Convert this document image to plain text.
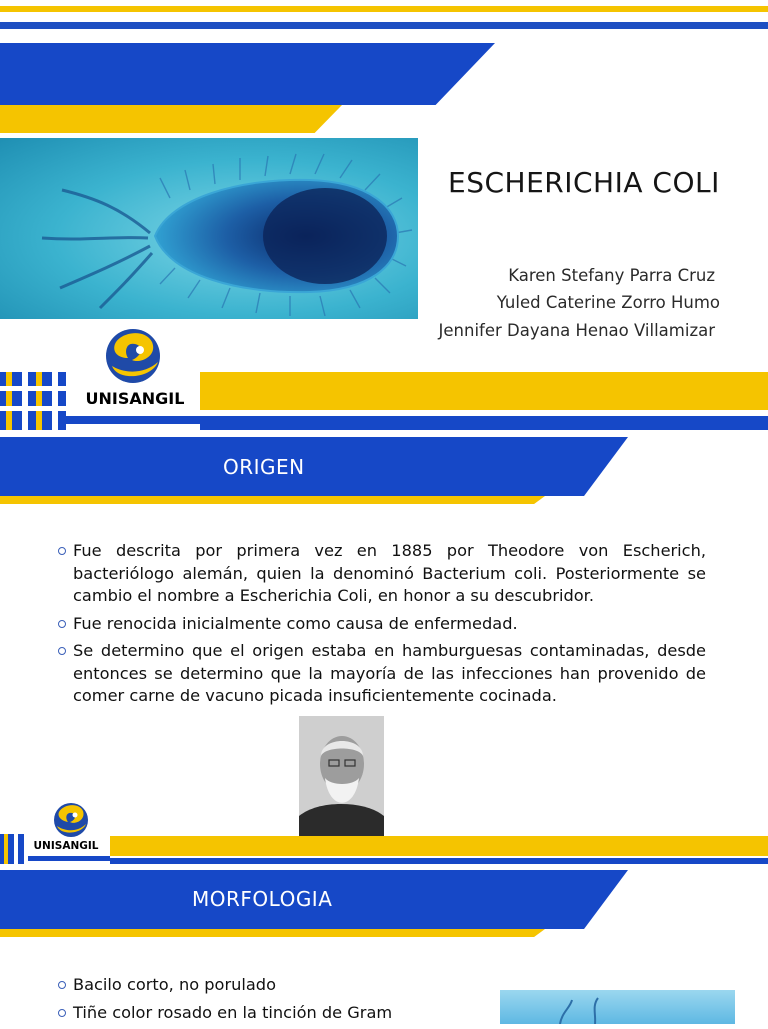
ESCHERICHIA COLI
Karen Stefany Parra Cruz
Yuled Caterine Zorro Humo
Jennifer Dayana Henao Villamizar
UNISANGIL
ORIGEN
Fue descrita por primera vez en 1885 por Theodore von Escherich, bacteriólogo alemán, quien la denominó Bacterium coli. Posteriormente se cambio el nombre a Escherichia Coli, en honor a su descubridor.
Fue renocida inicialmente como causa de enfermedad.
Se determino que el origen estaba en hamburguesas contaminadas, desde entonces se determino que la mayoría de las infecciones han provenido de comer carne de vacuno picada insuficientemente cocinada.
UNISANGIL
MORFOLOGIA
Bacilo corto, no porulado
Tiñe color rosado en la tinción de Gram
